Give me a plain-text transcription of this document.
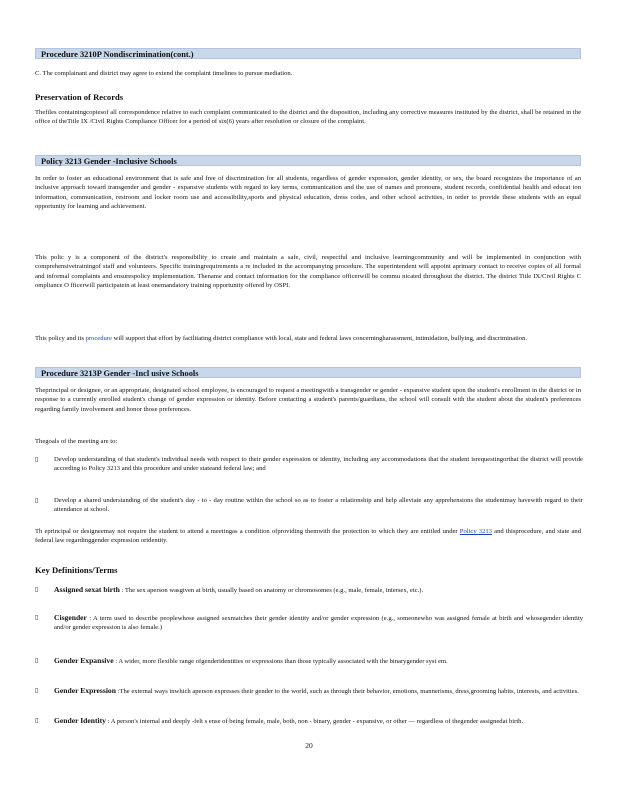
Procedure 3210P Nondiscrimination(cont.)
C. The complainant and district may agree to extend the complaint timelines to pursue mediation.
Preservation of Records
Thefiles containingcopiesof all correspondence relative to each complaint communicated to the district and the disposition, including any corrective measures instituted by the district, shall be retained in the office of theTitle IX /Civil Rights Compliance Officer for a period of six(6) years after resolution or closure of the complaint.
Policy 3213 Gender -Inclusive Schools
In order to foster an educational environment that is safe and free of discrimination for all students, regardless of gender expression, gender identity, or sex, the board recognizes the importance of an inclusive approach toward transgender and gender - expansive students with regard to key terms, communication and the use of names and pronouns, student records, confidential health and educat ion information, communication, restroom and locker room use and accessibility,sports and physical education, dress codes, and other school activities, in order to provide these students with an equal opportunity for learning and achievement.
This polic y is a component of the district's responsibility to create and maintain a safe, civil, respectful and inclusive learningcommunity and will be implemented in conjunction with comprehensivetrainingof staff and volunteers. Specific trainingrequirements a re included in the accompanying procedure. The superintendent will appoint aprimary contact to receive copies of all formal and informal complaints and ensurespolicy implementation. Thename and contact information for the compliance officerwill be commu nicated throughout the district. The district Title IX/Civil Rights C ompliance O fficerwill participatein at least onemandatory training opportunity offered by OSPI.
This policy and its procedure will support that effort by facilitating district compliance with local, state and federal laws concerningharassment, intimidation, bullying, and discrimination.
Procedure 3213P Gender -Incl usive Schools
Theprincipal or designee, or an appropriate, designated school employee, is encouraged to request a meetingwith a transgender or gender - expansive student upon the student's enrollment in the district or in response to a currently enrolled student's change of gender expression or identity. Before contacting a student's parents/guardians, the school will consult with the student about the student's preferences regarding family involvement and honor those preferences.
Thegoals of the meeting are to:
▯ Develop understanding of that student's individual needs with respect to their gender expression or identity, including any accommodations that the student isrequestingorthat the district will provide according to Policy 3213 and this procedure and under stateand federal law; and
▯ Develop a shared understanding of the student's day - to - day routine within the school so as to foster a relationship and help alleviate any apprehensions the studentmay havewith regard to their attendance at school.
Th eprincipal or designeemay not require the student to attend a meetingas a condition ofproviding themwith the protection to which they are entitled under Policy 3213 and thisprocedure, and state and federal law regardinggender expression oridentity.
Key Definitions/Terms
▯ Assigned sexat birth : The sex aperson wasgiven at birth, usually based on anatomy or chromosomes (e.g., male, female, intersex, etc.).
▯ Cisgender : A term used to describe peoplewhose assigned sexmatches their gender identity and/or gender expression (e.g., someonewho was assigned female at birth and whosegender identity and/or gender expression is also female.)
▯ Gender Expansive : A wider, more flexible range ofgenderidentities or expressions than those typically associated with the binarygender syst em.
▯ Gender Expression :The external ways inwhich aperson expresses their gender to the world, such as through their behavior, emotions, mannerisms, dress,grooming habits, interests, and activities.
▯ Gender Identity : A person's internal and deeply -felt s ense of being female, male, both, non - binary, gender - expansive, or other — regardless of thegender assignedat birth.
20
